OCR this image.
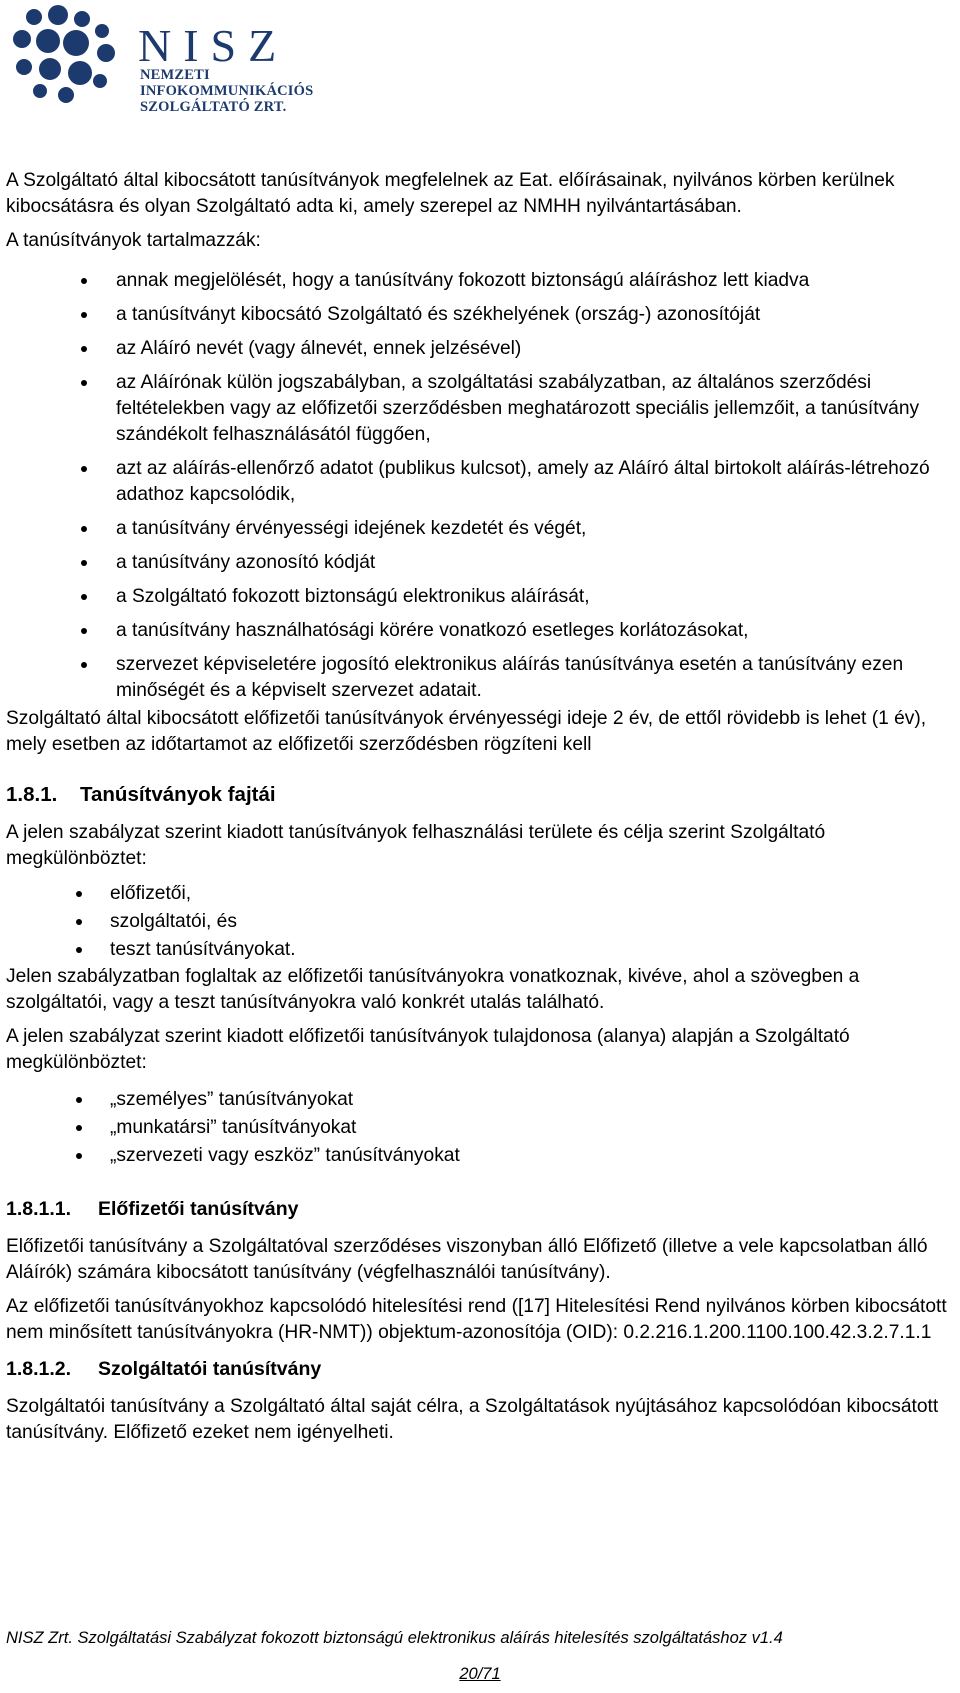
NISZ
NEMZETI INFOKOMMUNIKÁCIÓS
SZOLGÁLTATÓ ZRT.

A Szolgáltató által kibocsátott tanúsítványok megfelelnek az Eat. előírásainak, nyilvános körben kerülnek kibocsátásra és olyan Szolgáltató adta ki, amely szerepel az NMHH nyilvántartásában.

A tanúsítványok tartalmazzák:

annak megjelölését, hogy a tanúsítvány fokozott biztonságú aláíráshoz lett kiadva
a tanúsítványt kibocsátó Szolgáltató és székhelyének (ország-) azonosítóját
az Aláíró nevét (vagy álnevét, ennek jelzésével)
az Aláírónak külön jogszabályban, a szolgáltatási szabályzatban, az általános szerződési feltételekben vagy az előfizetői szerződésben meghatározott speciális jellemzőit, a tanúsítvány szándékolt felhasználásától függően,
azt az aláírás-ellenőrző adatot (publikus kulcsot), amely az Aláíró által birtokolt aláírás-létrehozó adathoz kapcsolódik,
a tanúsítvány érvényességi idejének kezdetét és végét,
a tanúsítvány azonosító kódját
a Szolgáltató fokozott biztonságú elektronikus aláírását,
a tanúsítvány használhatósági körére vonatkozó esetleges korlátozásokat,
szervezet képviseletére jogosító elektronikus aláírás tanúsítványa esetén a tanúsítvány ezen minőségét és a képviselt szervezet adatait.

Szolgáltató által kibocsátott előfizetői tanúsítványok érvényességi ideje 2 év, de ettől rövidebb is lehet (1 év), mely esetben az időtartamot az előfizetői szerződésben rögzíteni kell

1.8.1. Tanúsítványok fajtái

A jelen szabályzat szerint kiadott tanúsítványok felhasználási területe és célja szerint Szolgáltató megkülönböztet:

előfizetői,
szolgáltatói, és
teszt tanúsítványokat.

Jelen szabályzatban foglaltak az előfizetői tanúsítványokra vonatkoznak, kivéve, ahol a szövegben a szolgáltatói, vagy a teszt tanúsítványokra való konkrét utalás található.

A jelen szabályzat szerint kiadott előfizetői tanúsítványok tulajdonosa (alanya) alapján a Szolgáltató megkülönböztet:

„személyes” tanúsítványokat
„munkatársi” tanúsítványokat
„szervezeti vagy eszköz” tanúsítványokat
1.8.1.1. Előfizetői tanúsítvány

Előfizetői tanúsítvány a Szolgáltatóval szerződéses viszonyban álló Előfizető (illetve a vele kapcsolatban álló Aláírók) számára kibocsátott tanúsítvány (végfelhasználói tanúsítvány).

Az előfizetői tanúsítványokhoz kapcsolódó hitelesítési rend ([17] Hitelesítési Rend nyilvános körben kibocsátott nem minősített tanúsítványokra (HR-NMT)) objektum-azonosítója (OID): 0.2.216.1.200.1100.100.42.3.2.7.1.1

1.8.1.2. Szolgáltatói tanúsítvány

Szolgáltatói tanúsítvány a Szolgáltató által saját célra, a Szolgáltatások nyújtásához kapcsolódóan kibocsátott tanúsítvány. Előfizető ezeket nem igényelheti.

NISZ Zrt. Szolgáltatási Szabályzat fokozott biztonságú elektronikus aláírás hitelesítés szolgáltatáshoz v1.4
20/71
